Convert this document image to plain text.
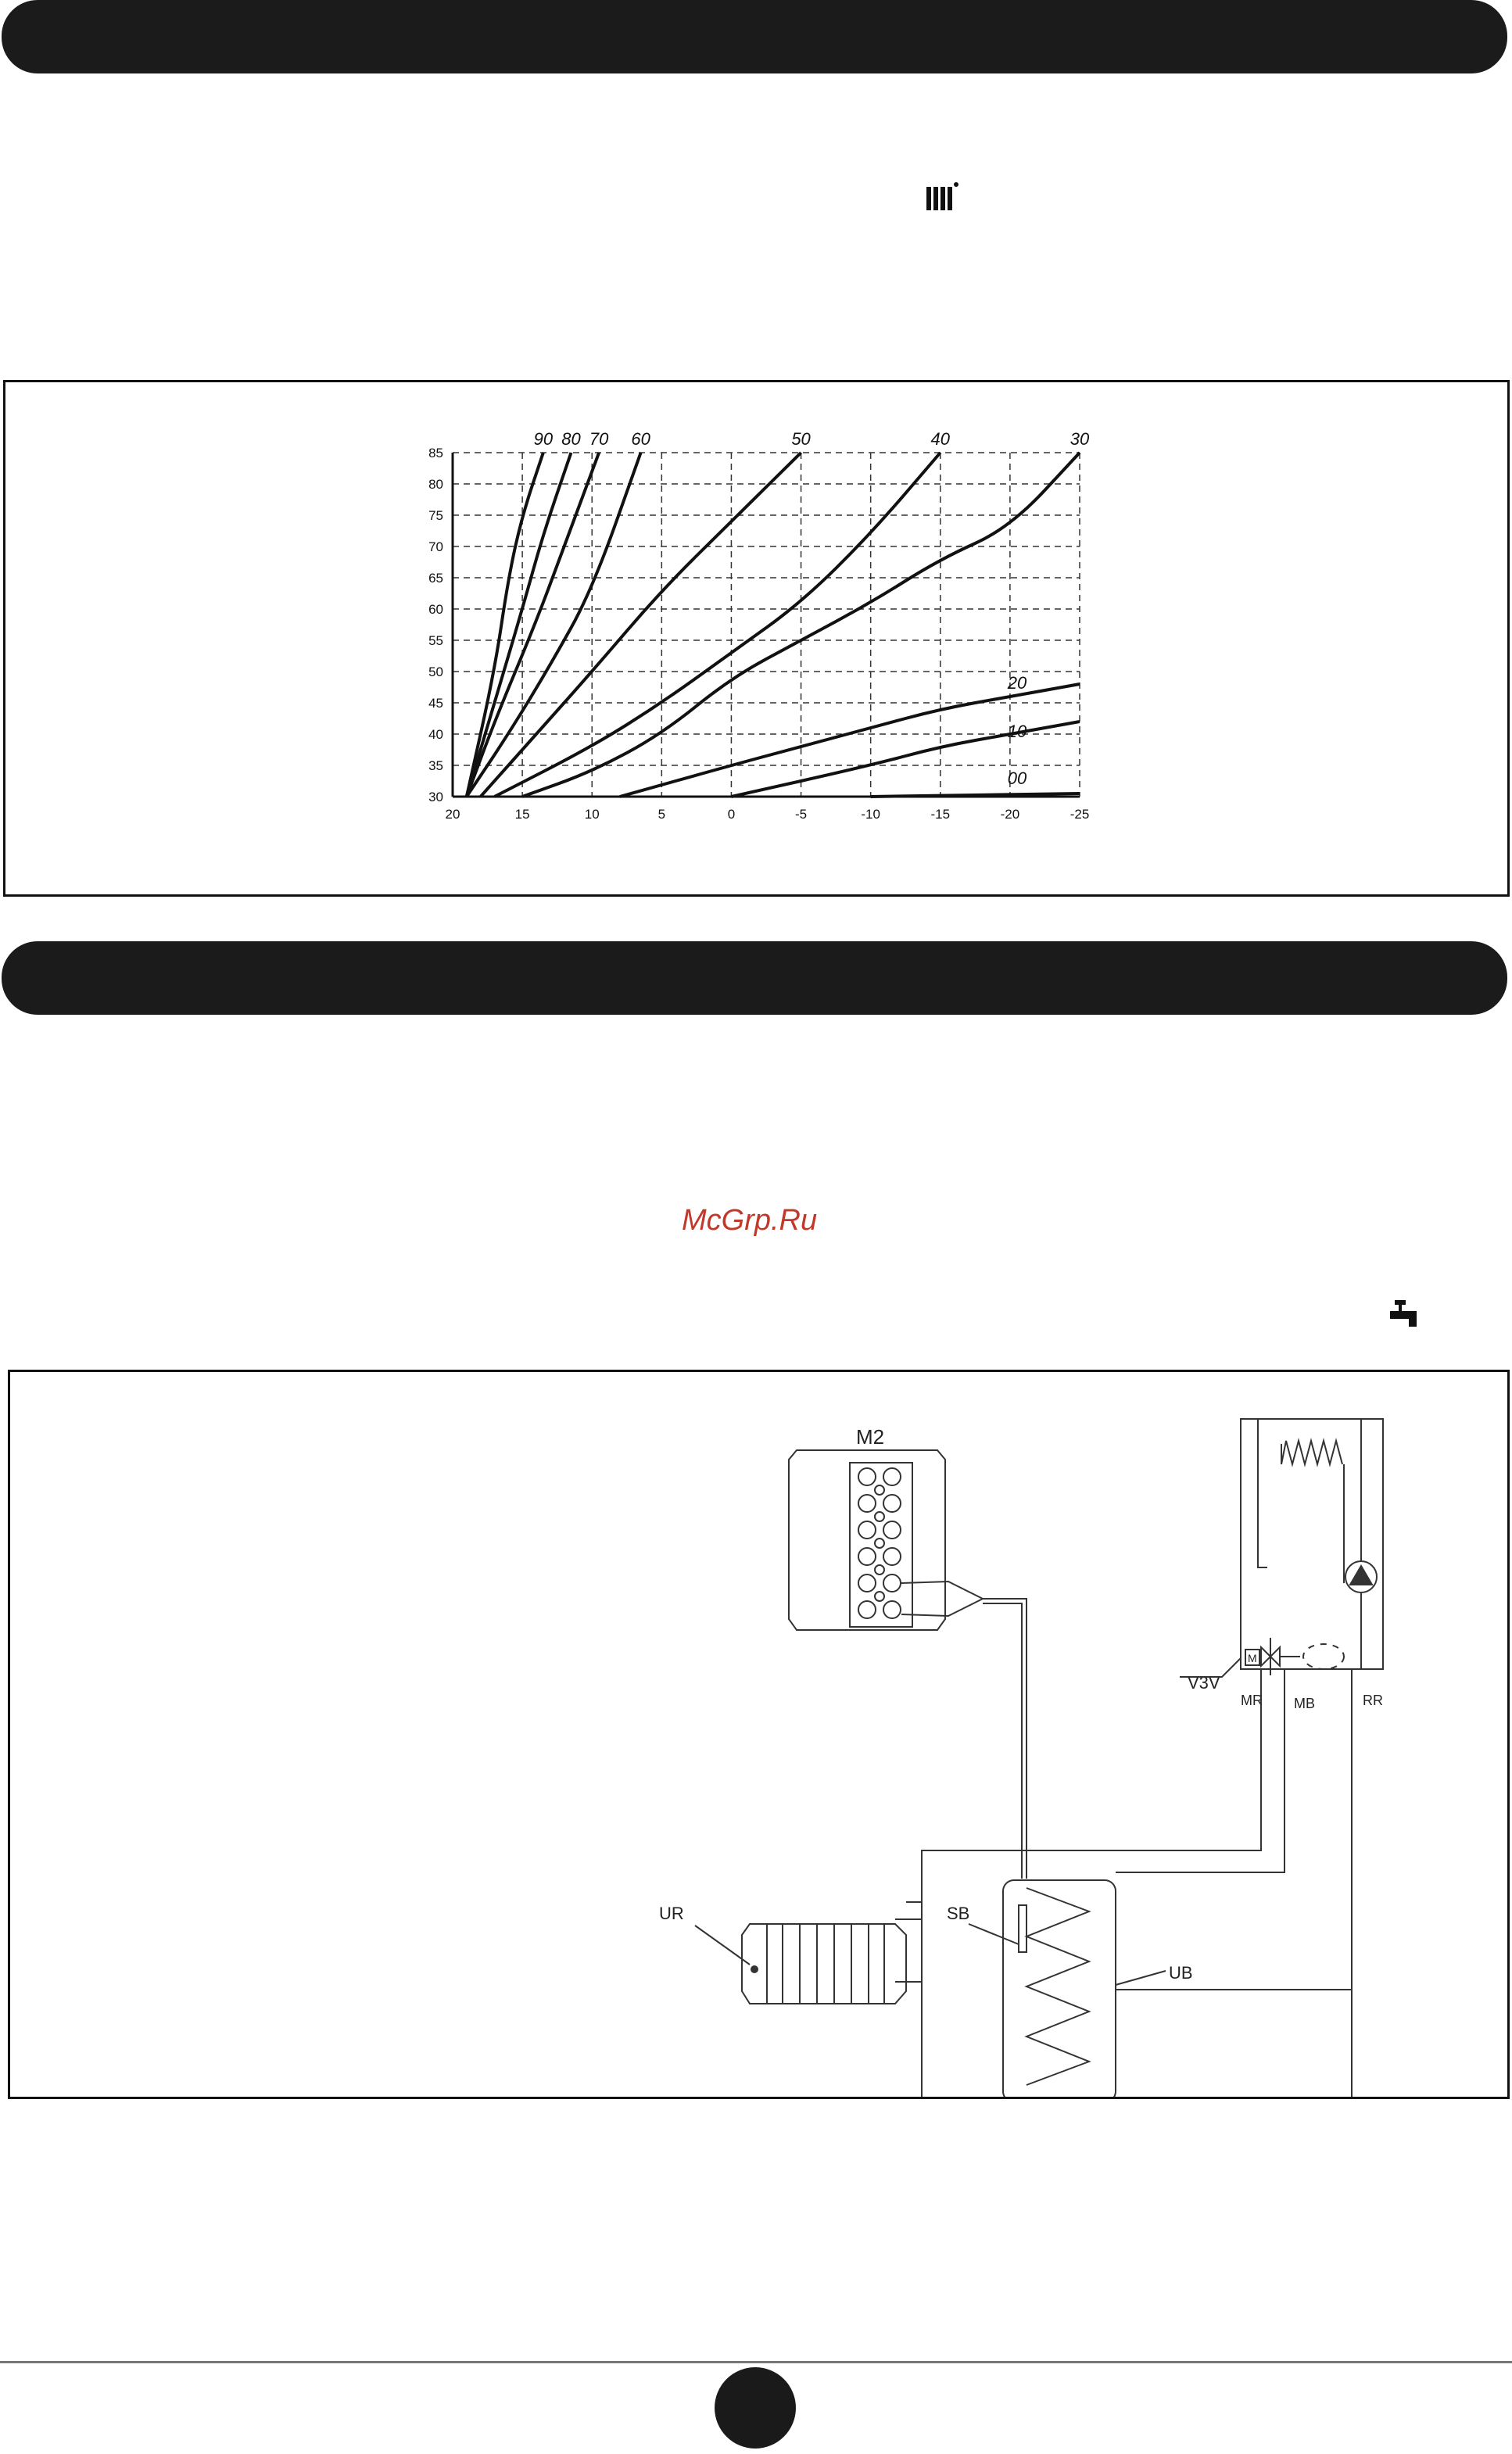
85
80
75
70
65
60
55
50
45
40
35
30
20	15	10	5	0	-5	-10	-15	-20	-25
90 80 70 60	50	40	30
20
10
00
McGrp.Ru
M2
M
V3V
MR MB	RR
SB
UB
UR
